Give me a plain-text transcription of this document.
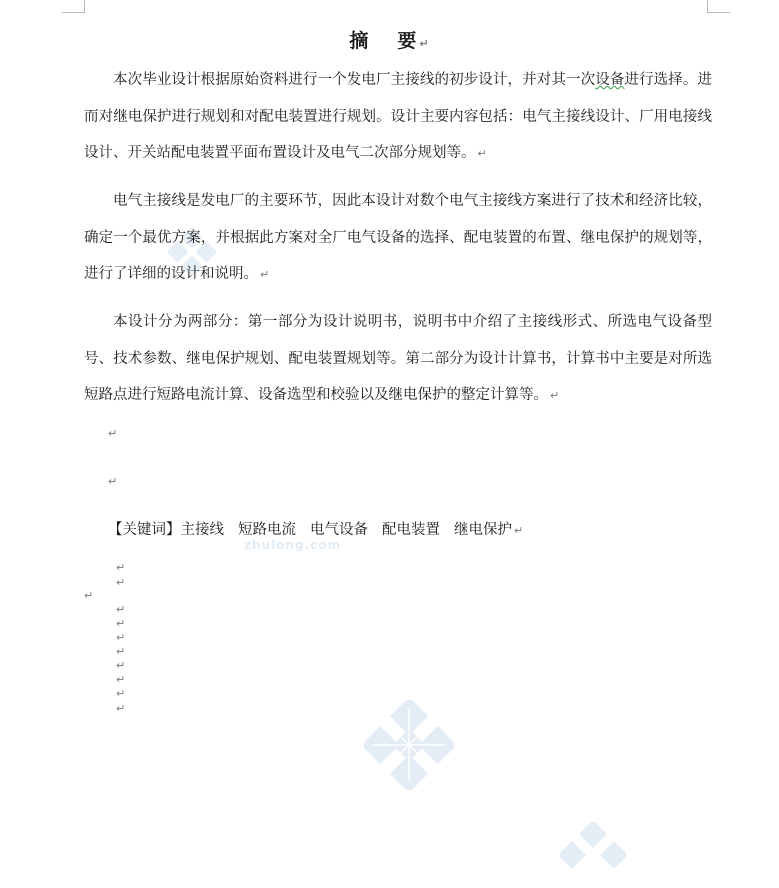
zhulong.com
摘 要 ↵
本次毕业设计根据原始资料进行一个发电厂主接线的初步设计，并对其一次设备进行选择。进而对继电保护进行规划和对配电装置进行规划。设计主要内容包括：电气主接线设计、厂用电接线设计、开关站配电装置平面布置设计及电气二次部分规划等。 ↵
电气主接线是发电厂的主要环节，因此本设计对数个电气主接线方案进行了技术和经济比较，确定一个最优方案，并根据此方案对全厂电气设备的选择、配电装置的布置、继电保护的规划等，进行了详细的设计和说明。 ↵
本设计分为两部分：第一部分为设计说明书，说明书中介绍了主接线形式、所选电气设备型号、技术参数、继电保护规划、配电装置规划等。第二部分为设计计算书，计算书中主要是对所选短路点进行短路电流计算、设备选型和校验以及继电保护的整定计算等。 ↵
↵
↵
【关键词】主接线 短路电流 电气设备 配电装置 继电保护 ↵
↵
↵
↵
↵
↵
↵
↵
↵
↵
↵
↵
